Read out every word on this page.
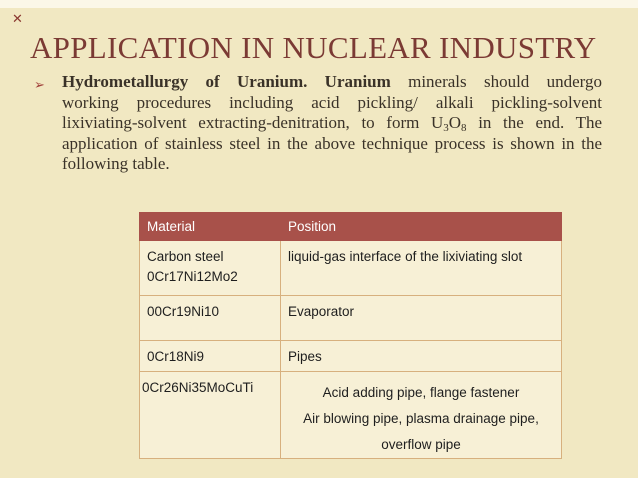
✕
APPLICATION IN NUCLEAR INDUSTRY
➢ Hydrometallurgy of Uranium. Uranium minerals should undergo
working procedures including acid pickling/ alkali pickling-solvent
lixiviating-solvent extracting-denitration, to form $U_3O_8$ in the end. The
application of stainless steel in the above technique process is shown in the
following table.
Material	Position
Carbon steel
0Cr17Ni12Mo2	liquid-gas interface of the lixiviating slot
00Cr19Ni10	Evaporator
0Cr18Ni9	Pipes
0Cr26Ni35MoCuTi	Acid adding pipe, flange fastener
Air blowing pipe, plasma drainage pipe,
overflow pipe
